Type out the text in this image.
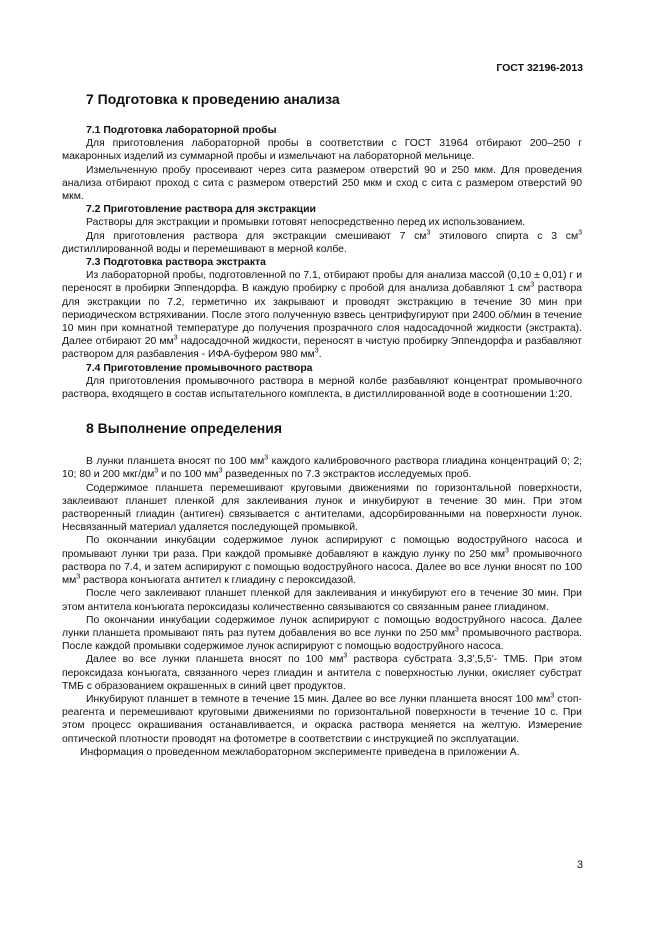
ГОСТ 32196-2013
7 Подготовка к проведению анализа
7.1 Подготовка лабораторной пробы

Для приготовления лабораторной пробы в соответствии с ГОСТ 31964 отбирают 200–250 г макаронных изделий из суммарной пробы и измельчают на лабораторной мельнице.

Измельченную пробу просеивают через сита размером отверстий 90 и 250 мкм. Для проведения анализа отбирают проход с сита с размером отверстий 250 мкм и сход с сита с размером отверстий 90 мкм.

7.2 Приготовление раствора для экстракции

Растворы для экстракции и промывки готовят непосредственно перед их использованием.

Для приготовления раствора для экстракции смешивают 7 $см^3$ этилового спирта с 3 $см^3$ дистиллированной воды и перемешивают в мерной колбе.

7.3 Подготовка раствора экстракта

Из лабораторной пробы, подготовленной по 7.1, отбирают пробы для анализа массой (0,10 ± 0,01) г и переносят в пробирки Эппендорфа. В каждую пробирку с пробой для анализа добавляют 1 $см^3$ раствора для экстракции по 7.2, герметично их закрывают и проводят экстракцию в течение 30 мин при периодическом встряхивании. После этого полученную взвесь центрифугируют при 2400 об/мин в течение 10 мин при комнатной температуре до получения прозрачного слоя надосадочной жидкости (экстракта). Далее отбирают 20 $мм^3$ надосадочной жидкости, переносят в чистую пробирку Эппендорфа и разбавляют раствором для разбавления - ИФА-буфером 980 $мм^3$.

7.4 Приготовление промывочного раствора

Для приготовления промывочного раствора в мерной колбе разбавляют концентрат промывочного раствора, входящего в состав испытательного комплекта, в дистиллированной воде в соотношении 1:20.

8 Выполнение определения

В лунки планшета вносят по 100 $мм^3$ каждого калибровочного раствора глиадина концентраций 0; 2; 10; 80 и 200 мкг/$дм^3$ и по 100 $мм^3$ разведенных по 7.3 экстрактов исследуемых проб.

Содержимое планшета перемешивают круговыми движениями по горизонтальной поверхности, заклеивают планшет пленкой для заклеивания лунок и инкубируют в течение 30 мин. При этом растворенный глиадин (антиген) связывается с антителами, адсорбированными на поверхности лунок. Несвязанный материал удаляется последующей промывкой.

По окончании инкубации содержимое лунок аспирируют с помощью водоструйного насоса и промывают лунки три раза. При каждой промывке добавляют в каждую лунку по 250 $мм^3$ промывочного раствора по 7.4, и затем аспирируют с помощью водоструйного насоса. Далее во все лунки вносят по 100 $мм^3$ раствора конъюгата антител к глиадину с пероксидазой.

После чего заклеивают планшет пленкой для заклеивания и инкубируют его в течение 30 мин. При этом антитела конъюгата пероксидазы количественно связываются со связанным ранее глиадином.

По окончании инкубации содержимое лунок аспирируют с помощью водоструйного насоса. Далее лунки планшета промывают пять раз путем добавления во все лунки по 250 $мм^3$ промывочного раствора. После каждой промывки содержимое лунок аспирируют с помощью водоструйного насоса.

Далее во все лунки планшета вносят по 100 $мм^3$ раствора субстрата 3,3',5,5'- ТМБ. При этом пероксидаза конъюгата, связанного через глиадин и антитела с поверхностью лунки, окисляет субстрат ТМБ с образованием окрашенных в синий цвет продуктов.

Инкубируют планшет в темноте в течение 15 мин. Далее во все лунки планшета вносят 100 $мм^3$ стоп-реагента и перемешивают круговыми движениями по горизонтальной поверхности в течение 10 с. При этом процесс окрашивания останавливается, и окраска раствора меняется на желтую. Измерение оптической плотности проводят на фотометре в соответствии с инструкцией по эксплуатации.

Информация о проведенном межлабораторном эксперименте приведена в приложении А.

3
